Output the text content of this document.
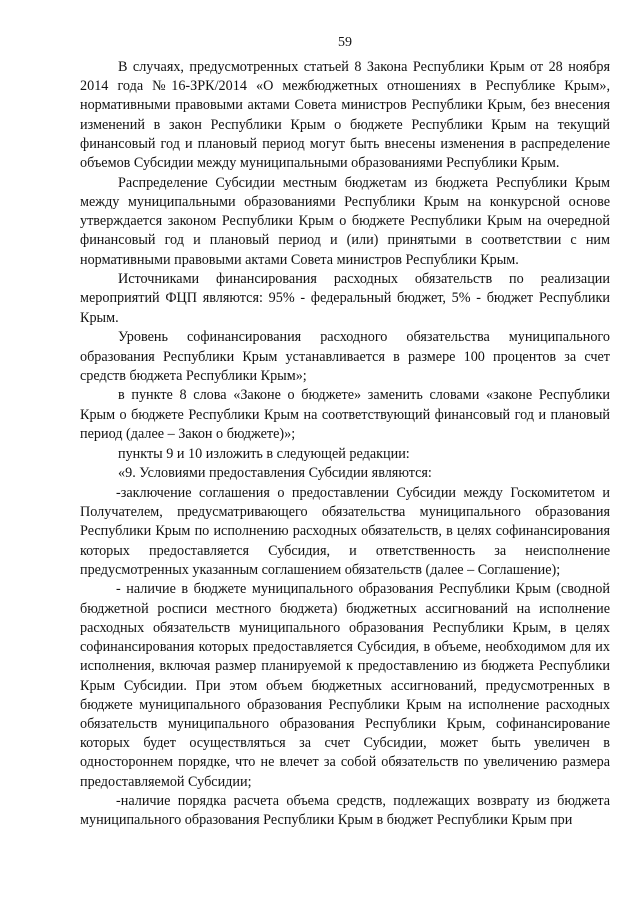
59

В случаях, предусмотренных статьей 8 Закона Республики Крым от 28 ноября 2014 года №16-ЗРК/2014 «О межбюджетных отношениях в Республике Крым», нормативными правовыми актами Совета министров Республики Крым, без внесения изменений в закон Республики Крым о бюджете Республики Крым на текущий финансовый год и плановый период могут быть внесены изменения в распределение объемов Субсидии между муниципальными образованиями Республики Крым.

Распределение Субсидии местным бюджетам из бюджета Республики Крым между муниципальными образованиями Республики Крым на конкурсной основе утверждается законом Республики Крым о бюджете Республики Крым на очередной финансовый год и плановый период и (или) принятыми в соответствии с ним нормативными правовыми актами Совета министров Республики Крым.

Источниками финансирования расходных обязательств по реализации мероприятий ФЦП являются: 95% - федеральный бюджет, 5% - бюджет Республики Крым.

Уровень софинансирования расходного обязательства муниципального образования Республики Крым устанавливается в размере 100 процентов за счет средств бюджета Республики Крым»;

в пункте 8 слова «Законе о бюджете» заменить словами «законе Республики Крым о бюджете Республики Крым на соответствующий финансовый год и плановый период (далее – Закон о бюджете)»;

пункты 9 и 10 изложить в следующей редакции:

«9. Условиями предоставления Субсидии являются:

-заключение соглашения о предоставлении Субсидии между Госкомитетом и Получателем, предусматривающего обязательства муниципального образования Республики Крым по исполнению расходных обязательств, в целях софинансирования которых предоставляется Субсидия, и ответственность за неисполнение предусмотренных указанным соглашением обязательств (далее – Соглашение);

- наличие в бюджете муниципального образования Республики Крым (сводной бюджетной росписи местного бюджета) бюджетных ассигнований на исполнение расходных обязательств муниципального образования Республики Крым, в целях софинансирования которых предоставляется Субсидия, в объеме, необходимом для их исполнения, включая размер планируемой к предоставлению из бюджета Республики Крым Субсидии. При этом объем бюджетных ассигнований, предусмотренных в бюджете муниципального образования Республики Крым на исполнение расходных обязательств муниципального образования Республики Крым, софинансирование которых будет осуществляться за счет Субсидии, может быть увеличен в одностороннем порядке, что не влечет за собой обязательств по увеличению размера предоставляемой Субсидии;

-наличие порядка расчета объема средств, подлежащих возврату из бюджета муниципального образования Республики Крым в бюджет Республики Крым при
